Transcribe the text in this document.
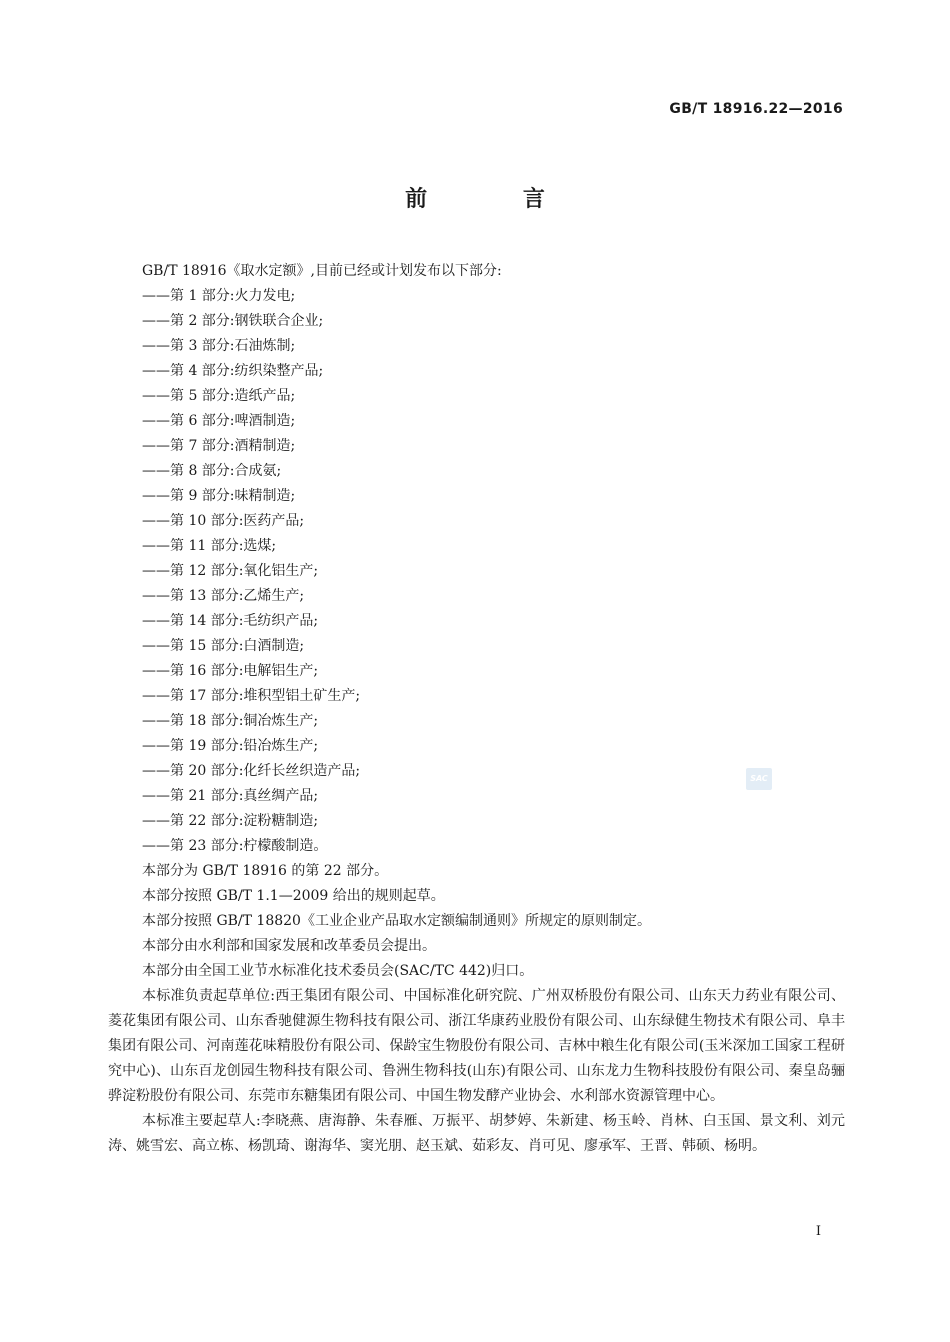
GB/T 18916.22—2016
前 言

GB/T 18916《取水定额》,目前已经或计划发布以下部分:

——第 1 部分:火力发电;

——第 2 部分:钢铁联合企业;

——第 3 部分:石油炼制;

——第 4 部分:纺织染整产品;

——第 5 部分:造纸产品;

——第 6 部分:啤酒制造;

——第 7 部分:酒精制造;

——第 8 部分:合成氨;

——第 9 部分:味精制造;

——第 10 部分:医药产品;

——第 11 部分:选煤;

——第 12 部分:氧化铝生产;

——第 13 部分:乙烯生产;

——第 14 部分:毛纺织产品;

——第 15 部分:白酒制造;

——第 16 部分:电解铝生产;

——第 17 部分:堆积型铝土矿生产;

——第 18 部分:铜冶炼生产;

——第 19 部分:铅冶炼生产;

——第 20 部分:化纤长丝织造产品;

——第 21 部分:真丝绸产品;

——第 22 部分:淀粉糖制造;

——第 23 部分:柠檬酸制造。

本部分为 GB/T 18916 的第 22 部分。

本部分按照 GB/T 1.1—2009 给出的规则起草。

本部分按照 GB/T 18820《工业企业产品取水定额编制通则》所规定的原则制定。

本部分由水利部和国家发展和改革委员会提出。

本部分由全国工业节水标准化技术委员会(SAC/TC 442)归口。

本标准负责起草单位:西王集团有限公司、中国标准化研究院、广州双桥股份有限公司、山东天力药业有限公司、菱花集团有限公司、山东香驰健源生物科技有限公司、浙江华康药业股份有限公司、山东绿健生物技术有限公司、阜丰集团有限公司、河南莲花味精股份有限公司、保龄宝生物股份有限公司、吉林中粮生化有限公司(玉米深加工国家工程研究中心)、山东百龙创园生物科技有限公司、鲁洲生物科技(山东)有限公司、山东龙力生物科技股份有限公司、秦皇岛骊骅淀粉股份有限公司、东莞市东糖集团有限公司、中国生物发酵产业协会、水利部水资源管理中心。

本标准主要起草人:李晓燕、唐海静、朱春雁、万振平、胡梦婷、朱新建、杨玉岭、肖林、白玉国、景文利、刘元涛、姚雪宏、高立栋、杨凯琦、谢海华、窦光朋、赵玉斌、茹彩友、肖可见、廖承军、王晋、韩硕、杨明。

SAC
I
